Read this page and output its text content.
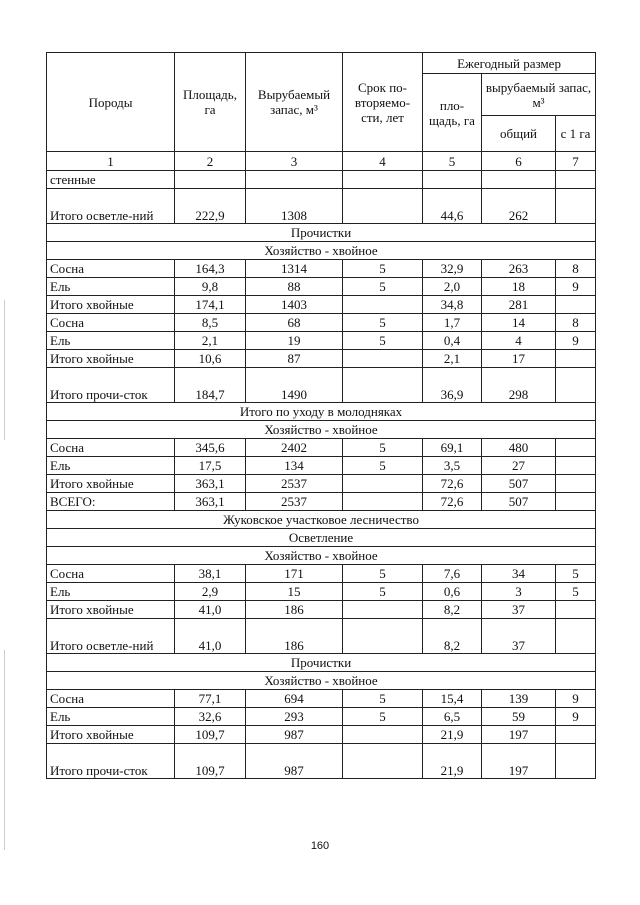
Породы	Площадь, га	Вырубаемый запас, м³	Срок по-вторяемо-сти, лет	Ежегодный размер		
				пло-щадь, га	вырубаемый запас, м³	
					общий	с 1 га
1	2	3	4	5	6	7
стенные						
Итого осветле-ний	222,9	1308		44,6	262	
Прочистки						
Хозяйство - хвойное						
Сосна	164,3	1314	5	32,9	263	8
Ель	9,8	88	5	2,0	18	9
Итого хвойные	174,1	1403		34,8	281	
Сосна	8,5	68	5	1,7	14	8
Ель	2,1	19	5	0,4	4	9
Итого хвойные	10,6	87		2,1	17	
Итого прочи-сток	184,7	1490		36,9	298	
Итого по уходу в молодняках						
Хозяйство - хвойное						
Сосна	345,6	2402	5	69,1	480	
Ель	17,5	134	5	3,5	27	
Итого хвойные	363,1	2537		72,6	507	
ВСЕГО:	363,1	2537		72,6	507	
Жуковское участковое лесничество						
Осветление						
Хозяйство - хвойное						
Сосна	38,1	171	5	7,6	34	5
Ель	2,9	15	5	0,6	3	5
Итого хвойные	41,0	186		8,2	37	
Итого осветле-ний	41,0	186		8,2	37	
Прочистки						
Хозяйство - хвойное						
Сосна	77,1	694	5	15,4	139	9
Ель	32,6	293	5	6,5	59	9
Итого хвойные	109,7	987		21,9	197	
Итого прочи-сток	109,7	987		21,9	197	
160
